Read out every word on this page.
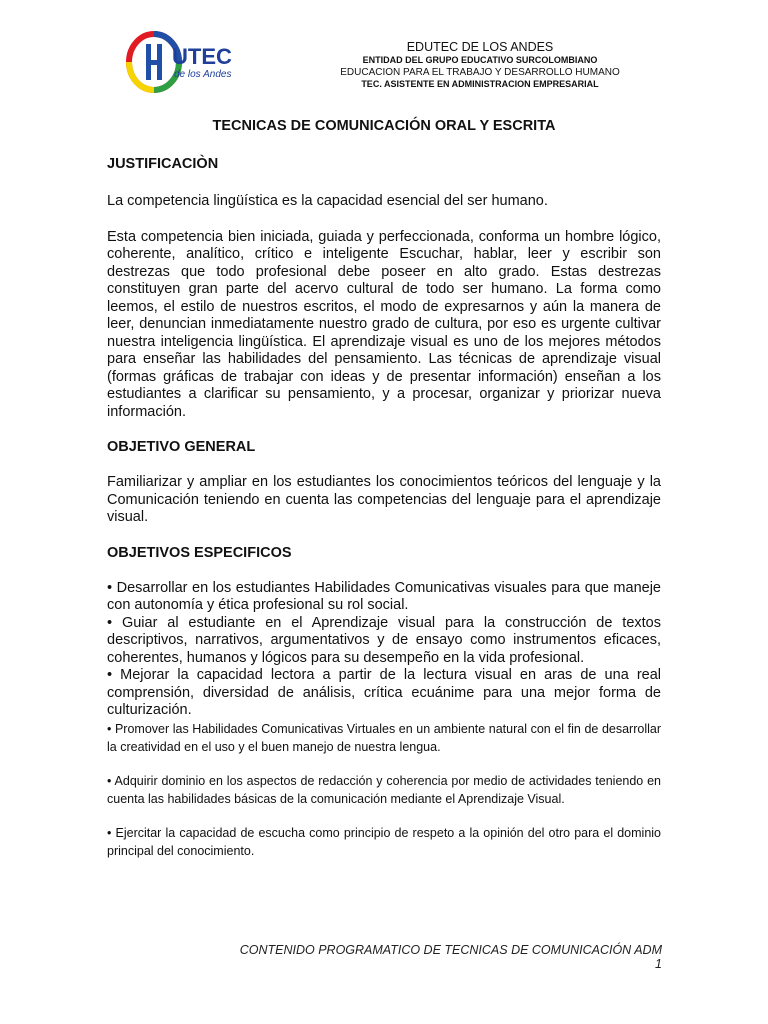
UTEC
de los Andes
EDUTEC DE LOS ANDES
ENTIDAD DEL GRUPO EDUCATIVO SURCOLOMBIANO
EDUCACION PARA EL TRABAJO Y DESARROLLO HUMANO
TEC. ASISTENTE EN ADMINISTRACION EMPRESARIAL
TECNICAS DE COMUNICACIÓN ORAL Y ESCRITA
JUSTIFICACIÒN

La competencia lingüística es la capacidad esencial del ser humano.

Esta competencia bien iniciada, guiada y perfeccionada, conforma un hombre lógico, coherente, analítico, crítico e inteligente Escuchar, hablar, leer y escribir son destrezas que todo profesional debe poseer en alto grado. Estas destrezas constituyen gran parte del acervo cultural de todo ser humano. La forma como leemos, el estilo de nuestros escritos, el modo de expresarnos y aún la manera de leer, denuncian inmediatamente nuestro grado de cultura, por eso es urgente cultivar nuestra inteligencia lingüística. El aprendizaje visual es uno de los mejores métodos para enseñar las habilidades del pensamiento. Las técnicas de aprendizaje visual (formas gráficas de trabajar con ideas y de presentar información) enseñan a los estudiantes a clarificar su pensamiento, y a procesar, organizar y priorizar nueva información.

OBJETIVO GENERAL

Familiarizar y ampliar en los estudiantes los conocimientos teóricos del lenguaje y la Comunicación teniendo en cuenta las competencias del lenguaje para el aprendizaje visual.

OBJETIVOS ESPECIFICOS

• Desarrollar en los estudiantes Habilidades Comunicativas visuales para que maneje con autonomía y ética profesional su rol social.

• Guiar al estudiante en el Aprendizaje visual para la construcción de textos descriptivos, narrativos, argumentativos y de ensayo como instrumentos eficaces, coherentes, humanos y lógicos para su desempeño en la vida profesional.

• Mejorar la capacidad lectora a partir de la lectura visual en aras de una real comprensión, diversidad de análisis, crítica ecuánime para una mejor forma de culturización.

• Promover las Habilidades Comunicativas Virtuales en un ambiente natural con el fin de desarrollar la creatividad en el uso y el buen manejo de nuestra lengua.

• Adquirir dominio en los aspectos de redacción y coherencia por medio de actividades teniendo en cuenta las habilidades básicas de la comunicación mediante el Aprendizaje Visual.

• Ejercitar la capacidad de escucha como principio de respeto a la opinión del otro para el dominio principal del conocimiento.

CONTENIDO PROGRAMATICO DE TECNICAS DE COMUNICACIÓN ADM 1
